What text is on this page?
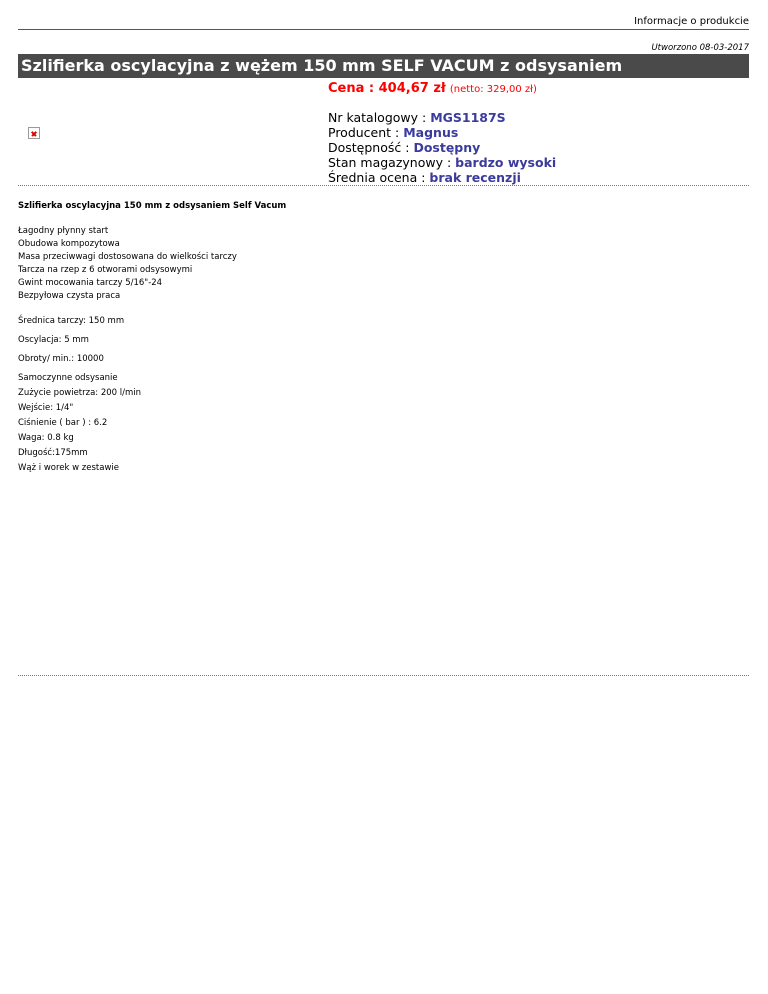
Informacje o produkcie
Utworzono 08-03-2017
Szlifierka oscylacyjna z wężem 150 mm SELF VACUM z odsysaniem
Cena : 404,67 zł (netto: 329,00 zł)
Nr katalogowy : MGS1187S
Producent : Magnus
Dostępność : Dostępny
Stan magazynowy : bardzo wysoki
Średnia ocena : brak recenzji
Szlifierka oscylacyjna 150 mm z odsysaniem Self Vacum
Łagodny płynny start
Obudowa kompozytowa
Masa przeciwwagi dostosowana do wielkości tarczy
Tarcza na rzep z 6 otworami odsysowymi
Gwint mocowania tarczy 5/16"-24
Bezpyłowa czysta praca
Średnica tarczy: 150 mm
Oscylacja: 5 mm
Obroty/ min.: 10000
Samoczynne odsysanie
Zużycie powietrza: 200 l/min
Wejście: 1/4"
Ciśnienie ( bar ) : 6.2
Waga: 0.8 kg
Długość:175mm
Wąż i worek w zestawie
